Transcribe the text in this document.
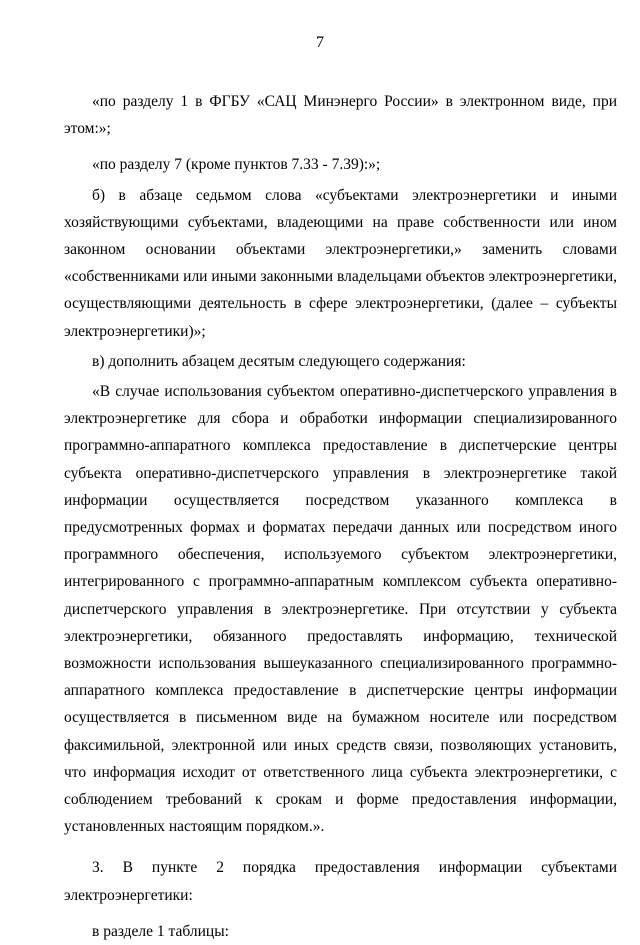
7

«по разделу 1 в ФГБУ «САЦ Минэнерго России» в электронном виде, при этом:»;

«по разделу 7 (кроме пунктов 7.33 - 7.39):»;

б) в абзаце седьмом слова «субъектами электроэнергетики и иными хозяйствующими субъектами, владеющими на праве собственности или ином законном основании объектами электроэнергетики,» заменить словами «собственниками или иными законными владельцами объектов электроэнергетики, осуществляющими деятельность в сфере электроэнергетики, (далее – субъекты электроэнергетики)»;

в) дополнить абзацем десятым следующего содержания:

«В случае использования субъектом оперативно-диспетчерского управления в электроэнергетике для сбора и обработки информации специализированного программно-аппаратного комплекса предоставление в диспетчерские центры субъекта оперативно-диспетчерского управления в электроэнергетике такой информации осуществляется посредством указанного комплекса в предусмотренных формах и форматах передачи данных или посредством иного программного обеспечения, используемого субъектом электроэнергетики, интегрированного с программно-аппаратным комплексом субъекта оперативно-диспетчерского управления в электроэнергетике. При отсутствии у субъекта электроэнергетики, обязанного предоставлять информацию, технической возможности использования вышеуказанного специализированного программно-аппаратного комплекса предоставление в диспетчерские центры информации осуществляется в письменном виде на бумажном носителе или посредством факсимильной, электронной или иных средств связи, позволяющих установить, что информация исходит от ответственного лица субъекта электроэнергетики, с соблюдением требований к срокам и форме предоставления информации, установленных настоящим порядком.».

3. В пункте 2 порядка предоставления информации субъектами электроэнергетики:

в разделе 1 таблицы:
